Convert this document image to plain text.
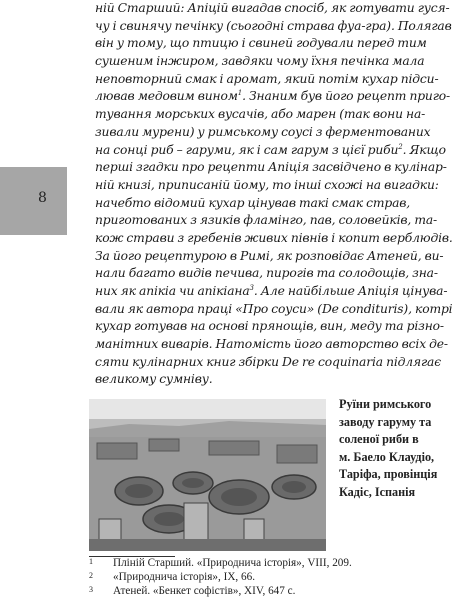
ній Старший: Апіцій вигадав спосіб, як готувати гуся-
чу і свинячу печінку (сьогодні страва фуа-гра). Полягав
він у тому, що птицю і свиней годували перед тим
сушеним інжиром, завдяки чому їхня печінка мала
неповторний смак і аромат, який потім кухар підси-
лював медовим вином$^1$. Знаним був його рецепт приго-
тування морських вусачів, або марен (так вони на-
зивали мурени) у римському соусі з ферментованих
на сонці риб – гаруми, як і сам гарум з цієї риби$^2$. Якщо
перші згадки про рецепти Апіція засвідчено в кулінар-
ній книзі, приписаній йому, то інші схожі на вигадки:
начебто відомий кухар цінував такі смак страв,
приготованих з язиків фламінго, пав, соловейків, та-
кож страви з гребенів живих півнів і копит верблюдів.
За його рецептурою в Римі, як розповідає Атеней, ви-
нали багато видів печива, пирогів та солодощів, зна-
них як апікіа чи апікіана$^3$. Але найбільше Апіція цінува-
вали як автора праці «Про соуси» (De condituris), котрі
кухар готував на основі прянощів, вин, меду та різно-
манітних виварів. Натомість його авторство всіх де-
сяти кулінарних книг збірки De re coquinaria підлягає
великому сумніву.
8
Руїни римського
заводу гаруму та
соленої риби в
м. Баело Клаудіо,
Таріфа, провінція
Кадіс, Іспанія
1 Пліній Старший. «Природнича історія», VIII, 209.
2 «Природнича історія», IX, 66.
3 Атеней. «Бенкет софістів», XIV, 647 с.
